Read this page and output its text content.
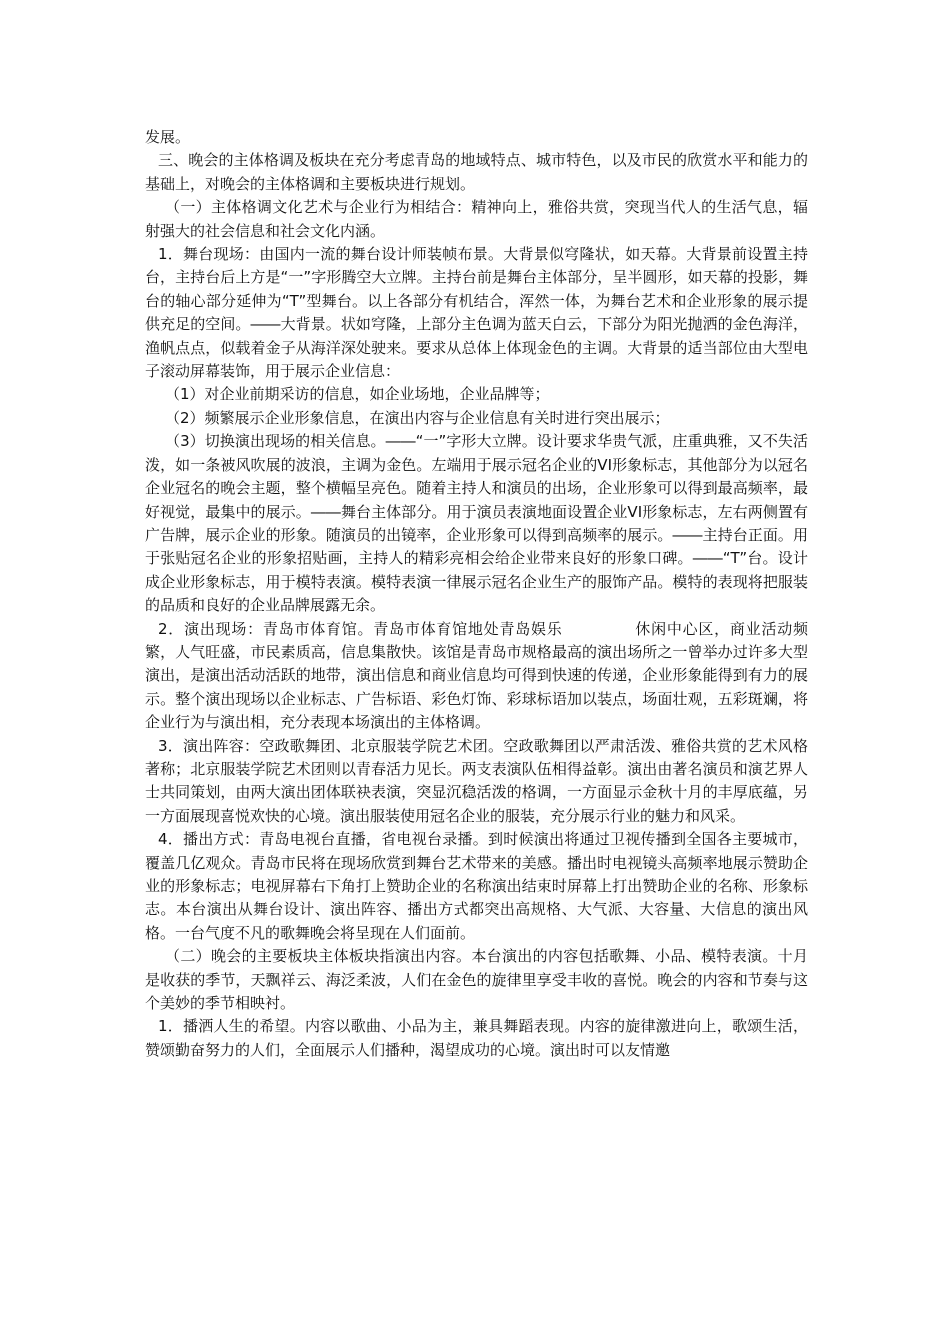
发展。

三、晚会的主体格调及板块在充分考虑青岛的地域特点、城市特色，以及市民的欣赏水平和能力的基础上，对晚会的主体格调和主要板块进行规划。

（一）主体格调文化艺术与企业行为相结合：精神向上，雅俗共赏，突现当代人的生活气息，辐射强大的社会信息和社会文化内涵。

1．舞台现场：由国内一流的舞台设计师装帧布景。大背景似穹隆状，如天幕。大背景前设置主持台，主持台后上方是“一”字形腾空大立牌。主持台前是舞台主体部分，呈半圆形，如天幕的投影，舞台的轴心部分延伸为“T”型舞台。以上各部分有机结合，浑然一体，为舞台艺术和企业形象的展示提供充足的空间。――大背景。状如穹隆，上部分主色调为蓝天白云，下部分为阳光抛洒的金色海洋，渔帆点点，似载着金子从海洋深处驶来。要求从总体上体现金色的主调。大背景的适当部位由大型电子滚动屏幕装饰，用于展示企业信息：

（1）对企业前期采访的信息，如企业场地，企业品牌等；

（2）频繁展示企业形象信息，在演出内容与企业信息有关时进行突出展示；

（3）切换演出现场的相关信息。――“一”字形大立牌。设计要求华贵气派，庄重典雅，又不失活泼，如一条被风吹展的波浪，主调为金色。左端用于展示冠名企业的VI形象标志，其他部分为以冠名企业冠名的晚会主题，整个横幅呈亮色。随着主持人和演员的出场，企业形象可以得到最高频率，最好视觉，最集中的展示。――舞台主体部分。用于演员表演地面设置企业VI形象标志，左右两侧置有广告牌，展示企业的形象。随演员的出镜率，企业形象可以得到高频率的展示。――主持台正面。用于张贴冠名企业的形象招贴画，主持人的精彩亮相会给企业带来良好的形象口碑。――“T”台。设计成企业形象标志，用于模特表演。模特表演一律展示冠名企业生产的服饰产品。模特的表现将把服装的品质和良好的企业品牌展露无余。

2．演出现场：青岛市体育馆。青岛市体育馆地处青岛娱乐	休闲中心区，商业活动频繁，人气旺盛，市民素质高，信息集散快。该馆是青岛市规格最高的演出场所之一曾举办过许多大型演出，是演出活动活跃的地带，演出信息和商业信息均可得到快速的传递，企业形象能得到有力的展示。整个演出现场以企业标志、广告标语、彩色灯饰、彩球标语加以装点，场面壮观，五彩斑斓，将企业行为与演出相，充分表现本场演出的主体格调。

3．演出阵容：空政歌舞团、北京服装学院艺术团。空政歌舞团以严肃活泼、雅俗共赏的艺术风格著称；北京服装学院艺术团则以青春活力见长。两支表演队伍相得益彰。演出由著名演员和演艺界人士共同策划，由两大演出团体联袂表演，突显沉稳活泼的格调，一方面显示金秋十月的丰厚底蕴，另一方面展现喜悦欢快的心境。演出服装使用冠名企业的服装，充分展示行业的魅力和风采。

4．播出方式：青岛电视台直播，省电视台录播。到时候演出将通过卫视传播到全国各主要城市，覆盖几亿观众。青岛市民将在现场欣赏到舞台艺术带来的美感。播出时电视镜头高频率地展示赞助企业的形象标志；电视屏幕右下角打上赞助企业的名称演出结束时屏幕上打出赞助企业的名称、形象标志。本台演出从舞台设计、演出阵容、播出方式都突出高规格、大气派、大容量、大信息的演出风格。一台气度不凡的歌舞晚会将呈现在人们面前。

（二）晚会的主要板块主体板块指演出内容。本台演出的内容包括歌舞、小品、模特表演。十月是收获的季节，天飘祥云、海泛柔波，人们在金色的旋律里享受丰收的喜悦。晚会的内容和节奏与这个美妙的季节相映衬。

1．播洒人生的希望。内容以歌曲、小品为主，兼具舞蹈表现。内容的旋律激进向上，歌颂生活，赞颂勤奋努力的人们，全面展示人们播种，渴望成功的心境。演出时可以友情邀
